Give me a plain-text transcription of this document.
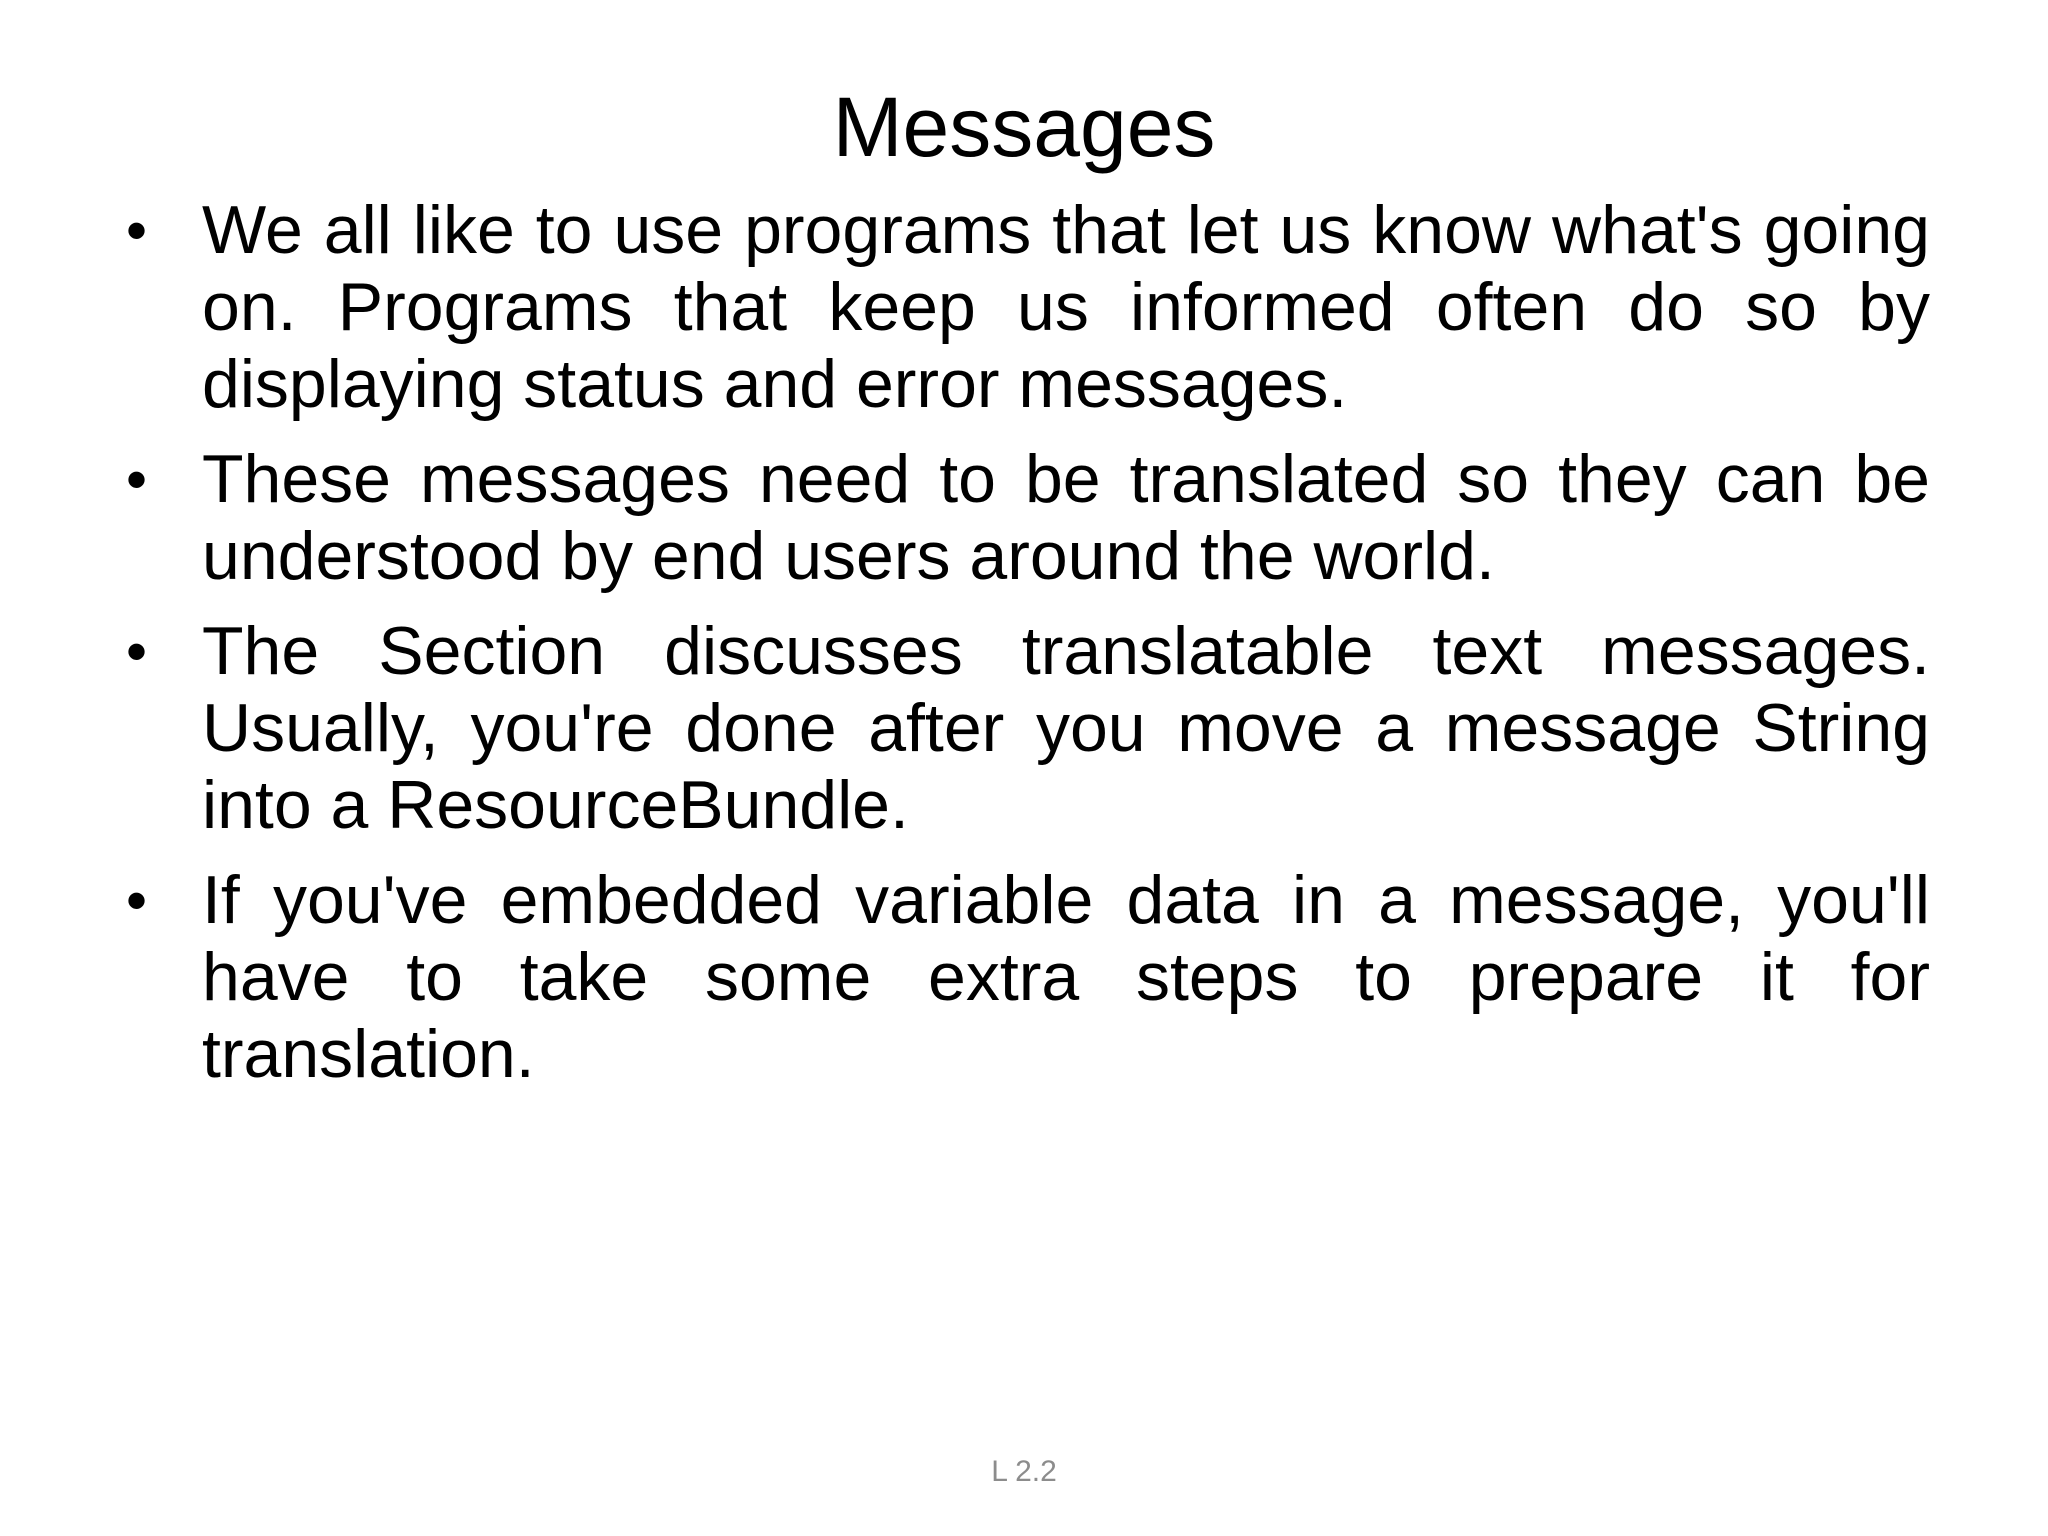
Messages
• We all like to use programs that let us know what's going on. Programs that keep us informed often do so by displaying status and error messages.
• These messages need to be translated so they can be understood by end users around the world.
• The Section discusses translatable text messages. Usually, you're done after you move a message String into a ResourceBundle.
• If you've embedded variable data in a message, you'll have to take some extra steps to prepare it for translation.
L 2.2
